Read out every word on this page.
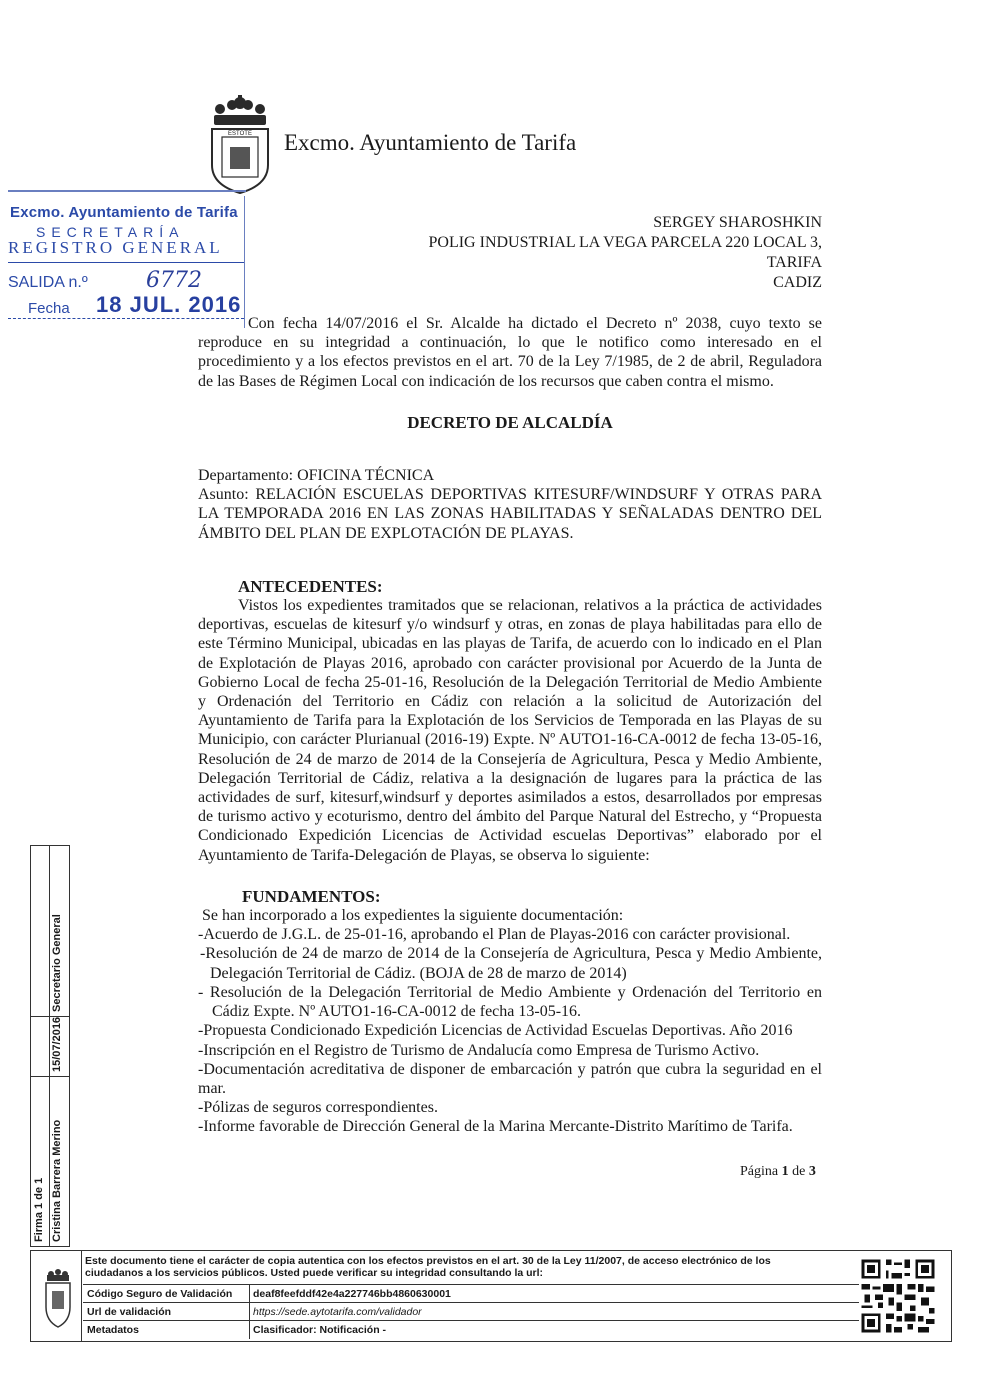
ESTOTE Excmo. Ayuntamiento de Tarifa
Excmo. Ayuntamiento de Tarifa
SECRETARÍA
REGISTRO GENERAL
SALIDA n.º	6772
Fecha 18 JUL. 2016
SERGEY SHAROSHKIN
POLIG INDUSTRIAL LA VEGA PARCELA 220 LOCAL 3,
TARIFA
CADIZ

Con fecha 14/07/2016 el Sr. Alcalde ha dictado el Decreto nº 2038, cuyo texto se reproduce en su integridad a continuación, lo que le notifico como interesado en el procedimiento y a los efectos previstos en el art. 70 de la Ley 7/1985, de 2 de abril, Reguladora de las Bases de Régimen Local con indicación de los recursos que caben contra el mismo.

DECRETO DE ALCALDÍA

Departamento: OFICINA TÉCNICA

Asunto: RELACIÓN ESCUELAS DEPORTIVAS KITESURF/WINDSURF Y OTRAS PARA LA TEMPORADA 2016 EN LAS ZONAS HABILITADAS Y SEÑALADAS DENTRO DEL ÁMBITO DEL PLAN DE EXPLOTACIÓN DE PLAYAS.

ANTECEDENTES:

Vistos los expedientes tramitados que se relacionan, relativos a la práctica de actividades deportivas, escuelas de kitesurf y/o windsurf y otras, en zonas de playa habilitadas para ello de este Término Municipal, ubicadas en las playas de Tarifa, de acuerdo con lo indicado en el Plan de Explotación de Playas 2016, aprobado con carácter provisional por Acuerdo de la Junta de Gobierno Local de fecha 25-01-16, Resolución de la Delegación Territorial de Medio Ambiente y Ordenación del Territorio en Cádiz con relación a la solicitud de Autorización del Ayuntamiento de Tarifa para la Explotación de los Servicios de Temporada en las Playas de su Municipio, con carácter Plurianual (2016-19) Expte. Nº AUTO1-16-CA-0012 de fecha 13-05-16, Resolución de 24 de marzo de 2014 de la Consejería de Agricultura, Pesca y Medio Ambiente, Delegación Territorial de Cádiz, relativa a la designación de lugares para la práctica de las actividades de surf, kitesurf,windsurf y deportes asimilados a estos, desarrollados por empresas de turismo activo y ecoturismo, dentro del ámbito del Parque Natural del Estrecho, y “Propuesta Condicionado Expedición Licencias de Actividad escuelas Deportivas” elaborado por el Ayuntamiento de Tarifa-Delegación de Playas, se observa lo siguiente:

FUNDAMENTOS:

Se han incorporado a los expedientes la siguiente documentación:

-Acuerdo de J.G.L. de 25-01-16, aprobando el Plan de Playas-2016 con carácter provisional.

-Resolución de 24 de marzo de 2014 de la Consejería de Agricultura, Pesca y Medio Ambiente, Delegación Territorial de Cádiz. (BOJA de 28 de marzo de 2014)

- Resolución de la Delegación Territorial de Medio Ambiente y Ordenación del Territorio en Cádiz Expte. Nº AUTO1-16-CA-0012 de fecha 13-05-16.

-Propuesta Condicionado Expedición Licencias de Actividad Escuelas Deportivas. Año 2016

-Inscripción en el Registro de Turismo de Andalucía como Empresa de Turismo Activo.

-Documentación acreditativa de disponer de embarcación y patrón que cubra la seguridad en el mar.

-Pólizas de seguros correspondientes.

-Informe favorable de Dirección General de la Marina Mercante-Distrito Marítimo de Tarifa.

Página 1 de 3
Firma 1 de 1 Cristina Barrera Merino
15/07/2016
Secretario General
Este documento tiene el carácter de copia autentica con los efectos previstos en el art. 30 de la Ley 11/2007, de acceso electrónico de los ciudadanos a los servicios públicos. Usted puede verificar su integridad consultando la url:
Código Seguro de Validación deaf8feefddf42e4a227746bb4860630001
Url de validación	https://sede.aytotarifa.com/validador
Metadatos	Clasificador: Notificación -
